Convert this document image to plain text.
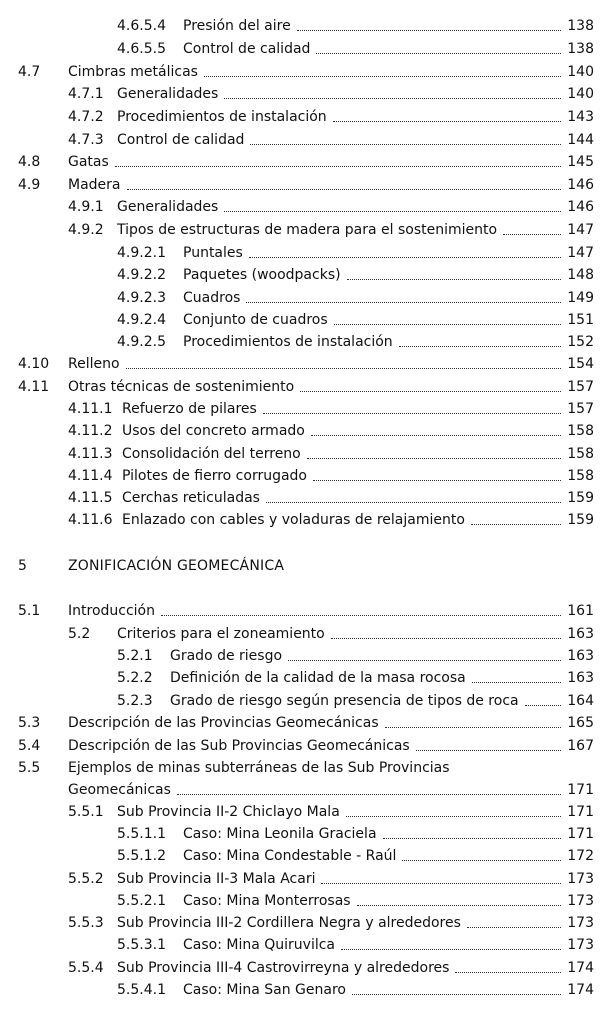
4.6.5.4 Presión del aire	138
4.6.5.5 Control de calidad	138
4.7 Cimbras metálicas	140
4.7.1 Generalidades	140
4.7.2 Procedimientos de instalación	143
4.7.3 Control de calidad	144
4.8 Gatas	145
4.9 Madera	146
4.9.1 Generalidades	146
4.9.2 Tipos de estructuras de madera para el sostenimiento	147
4.9.2.1 Puntales	147
4.9.2.2 Paquetes (woodpacks)	148
4.9.2.3 Cuadros	149
4.9.2.4 Conjunto de cuadros	151
4.9.2.5 Procedimientos de instalación	152
4.10 Relleno	154
4.11 Otras técnicas de sostenimiento	157
4.11.1 Refuerzo de pilares	157
4.11.2 Usos del concreto armado	158
4.11.3 Consolidación del terreno	158
4.11.4 Pilotes de fierro corrugado	158
4.11.5 Cerchas reticuladas	159
4.11.6 Enlazado con cables y voladuras de relajamiento	159
5	ZONIFICACIÓN GEOMECÁNICA
5.1 Introducción	161
5.2 Criterios para el zoneamiento	163
5.2.1 Grado de riesgo	163
5.2.2 Definición de la calidad de la masa rocosa	163
5.2.3 Grado de riesgo según presencia de tipos de roca	164
5.3 Descripción de las Provincias Geomecánicas	165
5.4 Descripción de las Sub Provincias Geomecánicas	167
5.5 Ejemplos de minas subterráneas de las Sub Provincias
Geomecánicas	171
5.5.1 Sub Provincia II-2 Chiclayo Mala	171
5.5.1.1 Caso: Mina Leonila Graciela	171
5.5.1.2 Caso: Mina Condestable - Raúl	172
5.5.2 Sub Provincia II-3 Mala Acari	173
5.5.2.1 Caso: Mina Monterrosas	173
5.5.3 Sub Provincia III-2 Cordillera Negra y alrededores	173
5.5.3.1 Caso: Mina Quiruvilca	173
5.5.4 Sub Provincia III-4 Castrovirreyna y alrededores	174
5.5.4.1 Caso: Mina San Genaro	174
